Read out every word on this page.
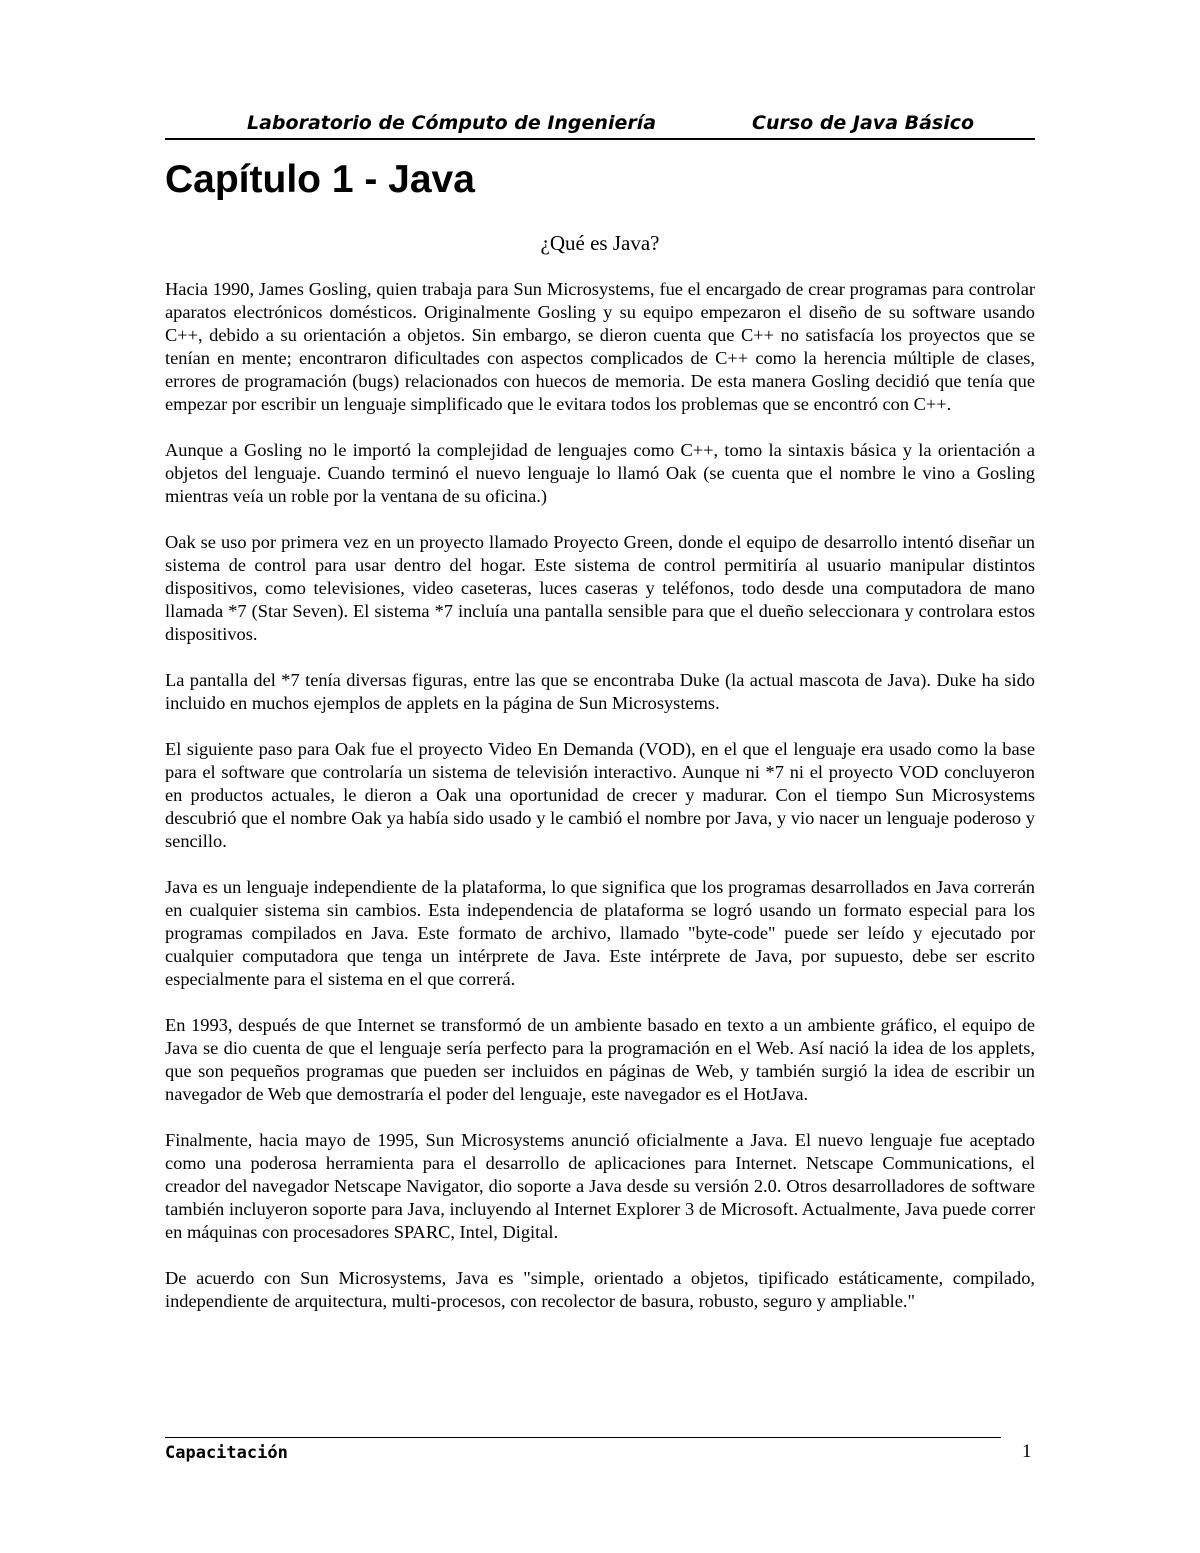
Laboratorio de Cómputo de Ingeniería	Curso de Java Básico
Capítulo 1 - Java
¿Qué es Java?

Hacia 1990, James Gosling, quien trabaja para Sun Microsystems, fue el encargado de crear programas para controlar aparatos electrónicos domésticos. Originalmente Gosling y su equipo empezaron el diseño de su software usando C++, debido a su orientación a objetos. Sin embargo, se dieron cuenta que C++ no satisfacía los proyectos que se tenían en mente; encontraron dificultades con aspectos complicados de C++ como la herencia múltiple de clases, errores de programación (bugs) relacionados con huecos de memoria. De esta manera Gosling decidió que tenía que empezar por escribir un lenguaje simplificado que le evitara todos los problemas que se encontró con C++.

Aunque a Gosling no le importó la complejidad de lenguajes como C++, tomo la sintaxis básica y la orientación a objetos del lenguaje. Cuando terminó el nuevo lenguaje lo llamó Oak (se cuenta que el nombre le vino a Gosling mientras veía un roble por la ventana de su oficina.)

Oak se uso por primera vez en un proyecto llamado Proyecto Green, donde el equipo de desarrollo intentó diseñar un sistema de control para usar dentro del hogar. Este sistema de control permitiría al usuario manipular distintos dispositivos, como televisiones, video caseteras, luces caseras y teléfonos, todo desde una computadora de mano llamada *7 (Star Seven). El sistema *7 incluía una pantalla sensible para que el dueño seleccionara y controlara estos dispositivos.

La pantalla del *7 tenía diversas figuras, entre las que se encontraba Duke (la actual mascota de Java). Duke ha sido incluido en muchos ejemplos de applets en la página de Sun Microsystems.

El siguiente paso para Oak fue el proyecto Video En Demanda (VOD), en el que el lenguaje era usado como la base para el software que controlaría un sistema de televisión interactivo. Aunque ni *7 ni el proyecto VOD concluyeron en productos actuales, le dieron a Oak una oportunidad de crecer y madurar. Con el tiempo Sun Microsystems descubrió que el nombre Oak ya había sido usado y le cambió el nombre por Java, y vio nacer un lenguaje poderoso y sencillo.

Java es un lenguaje independiente de la plataforma, lo que significa que los programas desarrollados en Java correrán en cualquier sistema sin cambios. Esta independencia de plataforma se logró usando un formato especial para los programas compilados en Java. Este formato de archivo, llamado "byte-code" puede ser leído y ejecutado por cualquier computadora que tenga un intérprete de Java. Este intérprete de Java, por supuesto, debe ser escrito especialmente para el sistema en el que correrá.

En 1993, después de que Internet se transformó de un ambiente basado en texto a un ambiente gráfico, el equipo de Java se dio cuenta de que el lenguaje sería perfecto para la programación en el Web. Así nació la idea de los applets, que son pequeños programas que pueden ser incluidos en páginas de Web, y también surgió la idea de escribir un navegador de Web que demostraría el poder del lenguaje, este navegador es el HotJava.

Finalmente, hacia mayo de 1995, Sun Microsystems anunció oficialmente a Java. El nuevo lenguaje fue aceptado como una poderosa herramienta para el desarrollo de aplicaciones para Internet. Netscape Communications, el creador del navegador Netscape Navigator, dio soporte a Java desde su versión 2.0. Otros desarrolladores de software también incluyeron soporte para Java, incluyendo al Internet Explorer 3 de Microsoft. Actualmente, Java puede correr en máquinas con procesadores SPARC, Intel, Digital.

De acuerdo con Sun Microsystems, Java es "simple, orientado a objetos, tipificado estáticamente, compilado, independiente de arquitectura, multi-procesos, con recolector de basura, robusto, seguro y ampliable."

Capacitación	1
